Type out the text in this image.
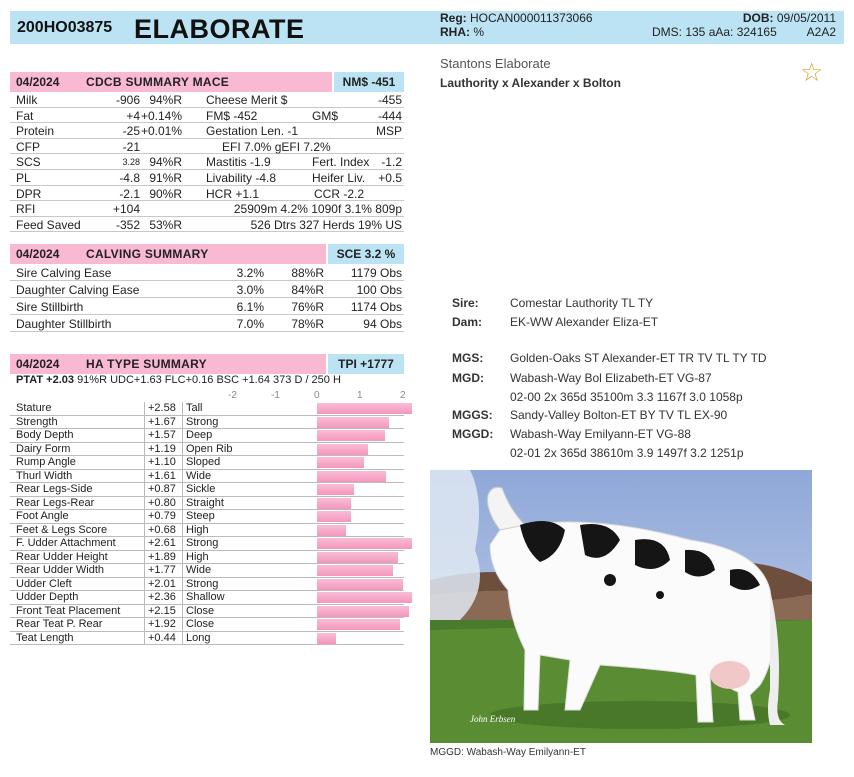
200HO03875 ELABORATE	Reg: HOCAN000011373066
RHA: %
DOB: 09/05/2011
DMS: 135 aAa: 324165 A2A2
04/2024 CDCB SUMMARY MACE	NM$ -451
Milk	-906 94%R Cheese Merit $	-455
Fat	+4 +0.14% FM$ -452	GM$	-444
Protein	-25 +0.01% Gestation Len. -1	MSP
CFP	-21	EFI 7.0% gEFI 7.2%
SCS	3.28 94%R Mastitis -1.9	Fert. Index -1.2
PL	-4.8 91%R Livability -4.8	Heifer Liv.	+0.5
DPR	-2.1 90%R HCR +1.1	CCR -2.2
RFI	+104	25909m 4.2% 1090f 3.1% 809p
Feed Saved	-352 53%R	526 Dtrs 327 Herds 19% US
04/2024 CALVING SUMMARY	SCE 3.2 %
Sire Calving Ease	3.2%	88%R	1179 Obs
Daughter Calving Ease	3.0%	84%R	100 Obs
Sire Stillbirth	6.1%	76%R	1174 Obs
Daughter Stillbirth	7.0%	78%R	94 Obs
04/2024 HA TYPE SUMMARY	TPI +1777
PTAT +2.03 91%R UDC+1.63 FLC+0.16 BSC +1.64 373 D / 250 H
-2	-1	0	1	2
Stature	+2.58 Tall
Strength	+1.67 Strong
Body Depth	+1.57 Deep
Dairy Form	+1.19 Open Rib
Rump Angle	+1.10 Sloped
Thurl Width	+1.61 Wide
Rear Legs-Side	+0.87 Sickle
Rear Legs-Rear	+0.80 Straight
Foot Angle	+0.79 Steep
Feet & Legs Score	+0.68 High
F. Udder Attachment	+2.61 Strong
Rear Udder Height	+1.89 High
Rear Udder Width	+1.77 Wide
Udder Cleft	+2.01 Strong
Udder Depth	+2.36 Shallow
Front Teat Placement	+2.15 Close
Rear Teat P. Rear	+1.92 Close
Teat Length	+0.44 Long
Stantons Elaborate
Lauthority x Alexander x Bolton	☆
Sire:	Comestar Lauthority TL TY
Dam: EK-WW Alexander Eliza-ET
MGS: Golden-Oaks ST Alexander-ET TR TV TL TY TD
MGD: Wabash-Way Bol Elizabeth-ET VG-87
02-00 2x 365d 35100m 3.3 1167f 3.0 1058p
MGGS: Sandy-Valley Bolton-ET BY TV TL EX-90
MGGD: Wabash-Way Emilyann-ET VG-88
02-01 2x 365d 38610m 3.9 1497f 3.2 1251p
John Erbsen
MGGD: Wabash-Way Emilyann-ET
